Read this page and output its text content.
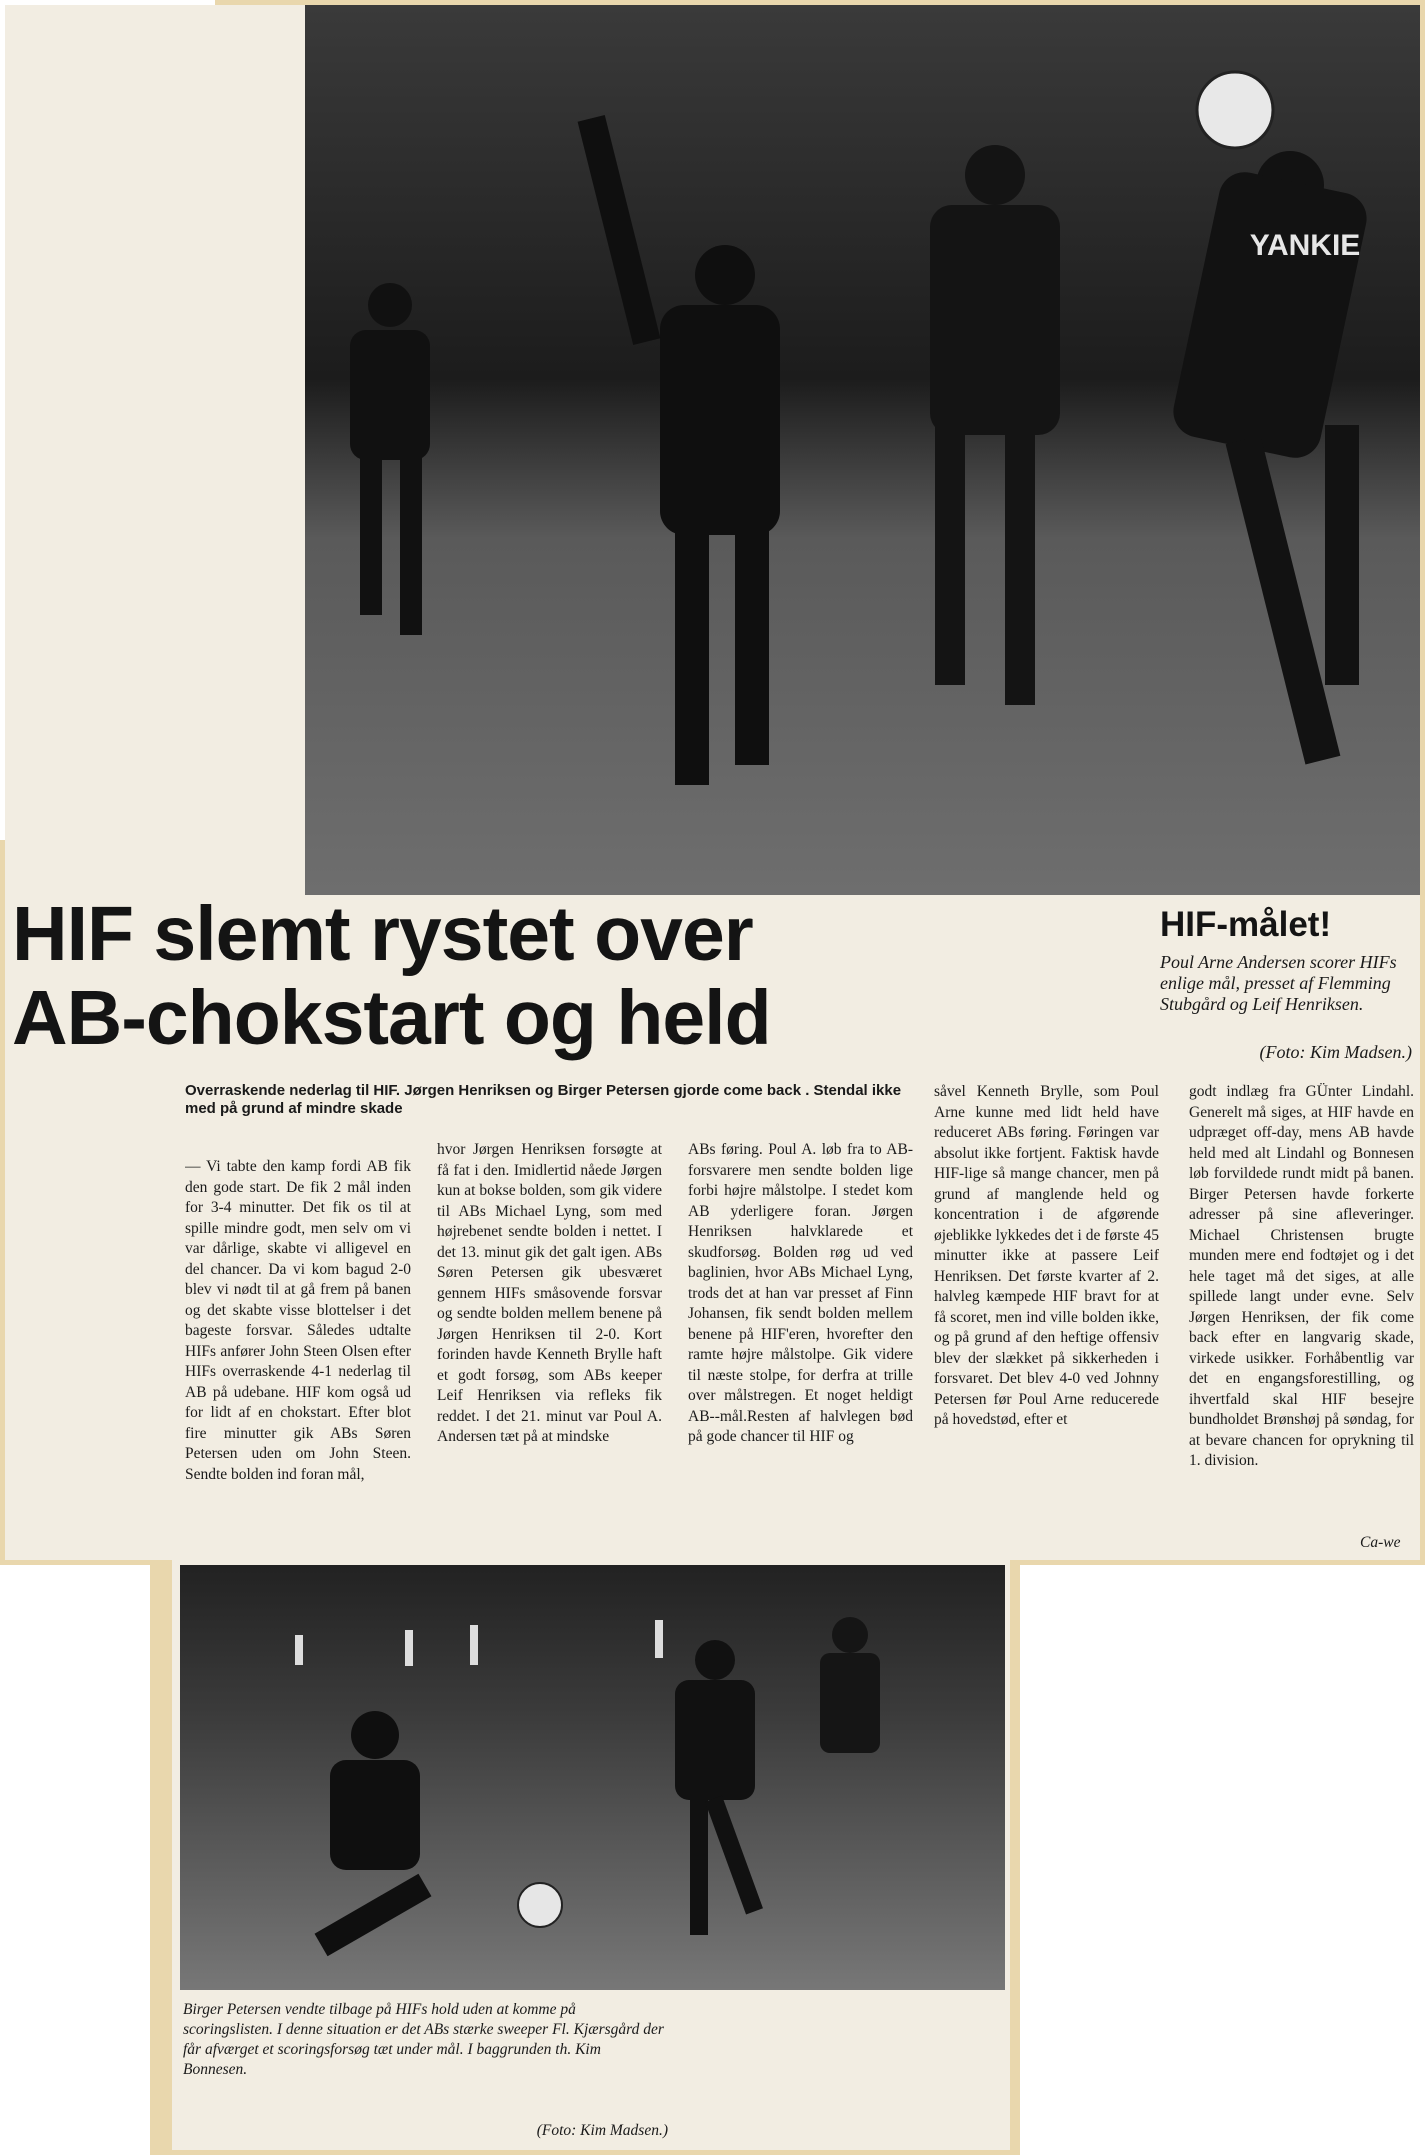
YANKIE
HIF slemt rystet over
AB-chokstart og held
HIF-målet!
Poul Arne Andersen scorer HIFs enlige mål, presset af Flemming Stubgård og Leif Henriksen.
(Foto: Kim Madsen.)
Overraskende nederlag til HIF. Jørgen Henriksen og Birger Petersen gjorde come back . Stendal ikke med på grund af mindre skade

— Vi tabte den kamp fordi AB fik den gode start. De fik 2 mål inden for 3-4 minutter. Det fik os til at spille mindre godt, men selv om vi var dårlige, skabte vi alligevel en del chancer. Da vi kom bagud 2-0 blev vi nødt til at gå frem på banen og det skabte visse blottelser i det bageste forsvar. Således udtalte HIFs anfører John Steen Olsen efter HIFs overraskende 4-1 nederlag til AB på udebane. HIF kom også ud for lidt af en chokstart. Efter blot fire minutter gik ABs Søren Petersen uden om John Steen. Sendte bolden ind foran mål,

hvor Jørgen Henriksen forsøgte at få fat i den. Imidlertid nåede Jørgen kun at bokse bolden, som gik videre til ABs Michael Lyng, som med højrebenet sendte bolden i nettet. I det 13. minut gik det galt igen. ABs Søren Petersen gik ubesværet gennem HIFs småsovende forsvar og sendte bolden mellem benene på Jørgen Henriksen til 2-0. Kort forinden havde Kenneth Brylle haft et godt forsøg, som ABs keeper Leif Henriksen via refleks fik reddet. I det 21. minut var Poul A. Andersen tæt på at mindske

ABs føring. Poul A. løb fra to AB-forsvarere men sendte bolden lige forbi højre målstolpe. I stedet kom AB yderligere foran. Jørgen Henriksen halvklarede et skudforsøg. Bolden røg ud ved baglinien, hvor ABs Michael Lyng, trods det at han var presset af Finn Johansen, fik sendt bolden mellem benene på HIF'eren, hvorefter den ramte højre målstolpe. Gik videre til næste stolpe, for derfra at trille over målstregen. Et noget heldigt AB--mål.Resten af halvlegen bød på gode chancer til HIF og

såvel Kenneth Brylle, som Poul Arne kunne med lidt held have reduceret ABs føring. Føringen var absolut ikke fortjent. Faktisk havde HIF-lige så mange chancer, men på grund af manglende held og koncentration i de afgørende øjeblikke lykkedes det i de første 45 minutter ikke at passere Leif Henriksen. Det første kvarter af 2. halvleg kæmpede HIF bravt for at få scoret, men ind ville bolden ikke, og på grund af den heftige offensiv blev der slækket på sikkerheden i forsvaret. Det blev 4-0 ved Johnny Petersen før Poul Arne reducerede på hovedstød, efter et

godt indlæg fra GÜnter Lindahl. Generelt må siges, at HIF havde en udpræget off-day, mens AB havde held med alt Lindahl og Bonnesen løb forvildede rundt midt på banen. Birger Petersen havde forkerte adresser på sine afleveringer. Michael Christensen brugte munden mere end fodtøjet og i det hele taget må det siges, at alle spillede langt under evne. Selv Jørgen Henriksen, der fik come back efter en langvarig skade, virkede usikker. Forhåbentlig var det en engangsforestilling, og ihvertfald skal HIF besejre bundholdet Brønshøj på søndag, for at bevare chancen for oprykning til 1. division.

Ca-we
Birger Petersen vendte tilbage på HIFs hold uden at komme på scoringslisten. I denne situation er det ABs stærke sweeper Fl. Kjærsgård der får afværget et scoringsforsøg tæt under mål. I baggrunden th. Kim Bonnesen.
(Foto: Kim Madsen.)
